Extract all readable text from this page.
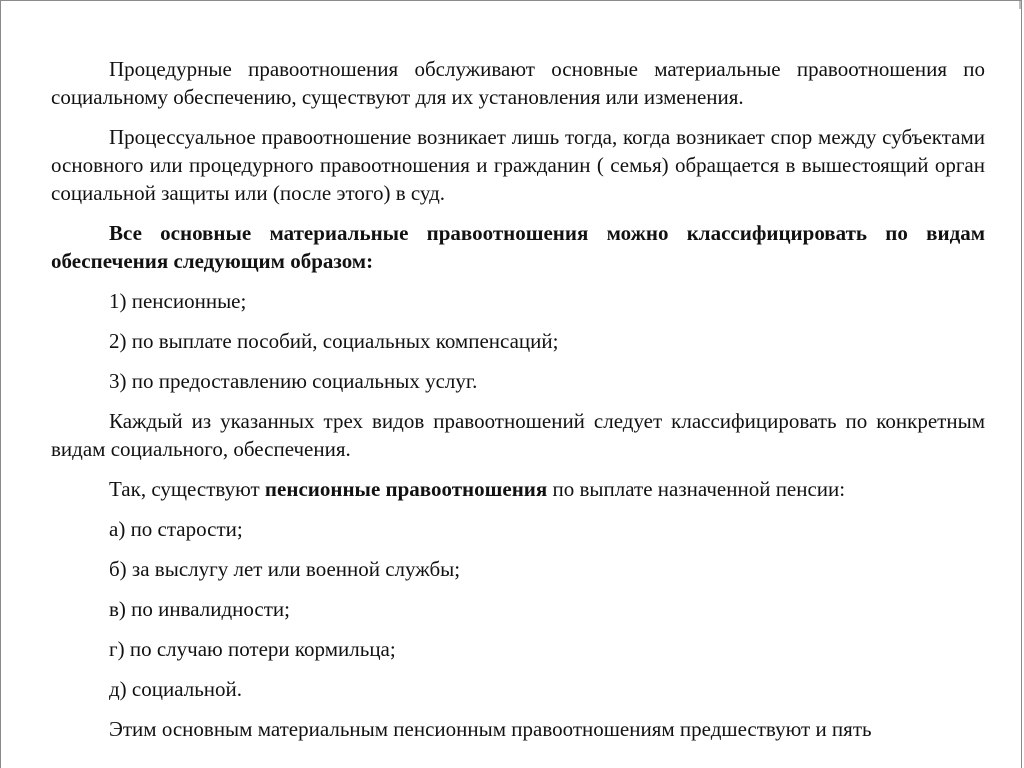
Процедурные правоотношения обслуживают основные материальные правоотношения по социальному обеспечению, существуют для их установления или изменения.

Процессуальное правоотношение возникает лишь тогда, когда возникает спор между субъектами основного или процедурного правоотношения и гражданин ( семья) обращается в вышестоящий орган социальной защиты или (после этого) в суд.

Все основные материальные правоотношения можно классифицировать по видам обеспечения следующим образом:

1) пенсионные;

2) по выплате пособий, социальных компенсаций;

3) по предоставлению социальных услуг.

Каждый из указанных трех видов правоотношений следует классифицировать по конкретным видам социального, обеспечения.

Так, существуют пенсионные правоотношения по выплате назначенной пенсии:

а) по старости;

б) за выслугу лет или военной службы;

в) по инвалидности;

г) по случаю потери кормильца;

д) социальной.

Этим основным материальным пенсионным правоотношениям предшествуют и пять
